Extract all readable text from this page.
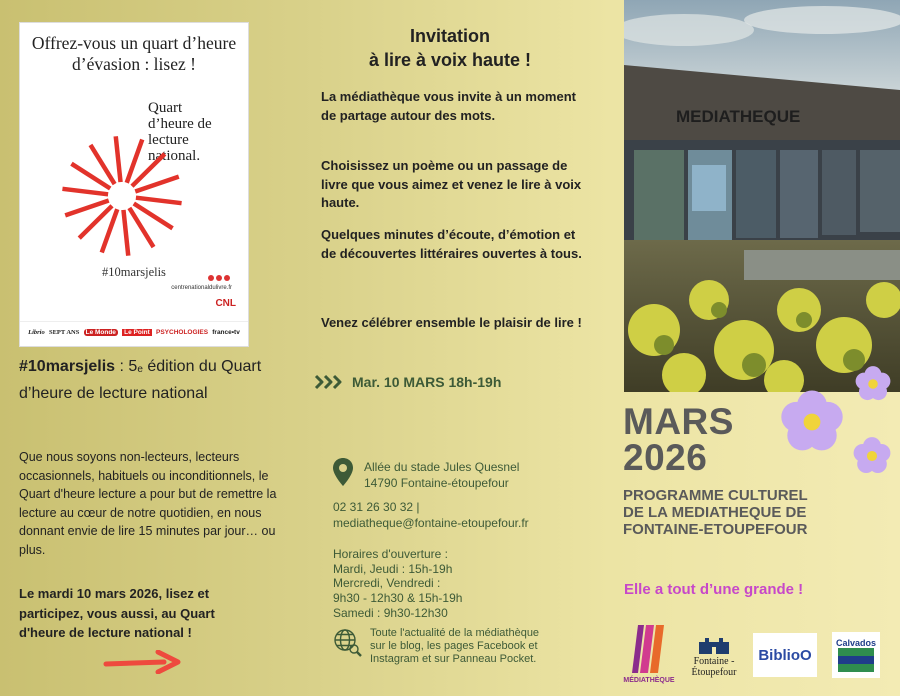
Offrez-vous un quart d’heure d’évasion : lisez !
Quart d’heure de lecture national.
#10marsjelis
centrenationaldulivre.fr
CNL
Librio SEPT ANS Le Monde	Le Point PSYCHOLOGIES france•tv
#10marsjelis : 5e édition du Quart d’heure de lecture national
Que nous soyons non-lecteurs, lecteurs occasionnels, habituels ou inconditionnels, le Quart d'heure lecture a pour but de remettre la lecture au cœur de notre quotidien, en nous donnant envie de lire 15 minutes par jour… ou plus.
Le mardi 10 mars 2026, lisez et participez, vous aussi, au Quart d'heure de lecture national !
Invitation
à lire à voix haute !
La médiathèque vous invite à un moment de partage autour des mots.
Choisissez un poème ou un passage de livre que vous aimez et venez le lire à voix haute.
Quelques minutes d’écoute, d’émotion et de découvertes littéraires ouvertes à tous.
Venez célébrer ensemble le plaisir de lire !
Mar. 10 MARS 18h-19h
Allée du stade Jules Quesnel
14790 Fontaine-étoupefour
02 31 26 30 32 |
mediatheque@fontaine-etoupefour.fr
Horaires d'ouverture :
Mardi, Jeudi : 15h-19h
Mercredi, Vendredi :
9h30 - 12h30 & 15h-19h
Samedi : 9h30-12h30
Toute l'actualité de la médiathèque sur le blog, les pages Facebook et Instagram et sur Panneau Pocket.
MEDIATHEQUE
MARS
2026
PROGRAMME CULTUREL
DE LA MEDIATHEQUE DE
FONTAINE-ETOUPEFOUR
Elle a tout d’une grande !
MÉDIATHÈQUE
Fontaine -
Étoupefour
BiblioO
Calvados
